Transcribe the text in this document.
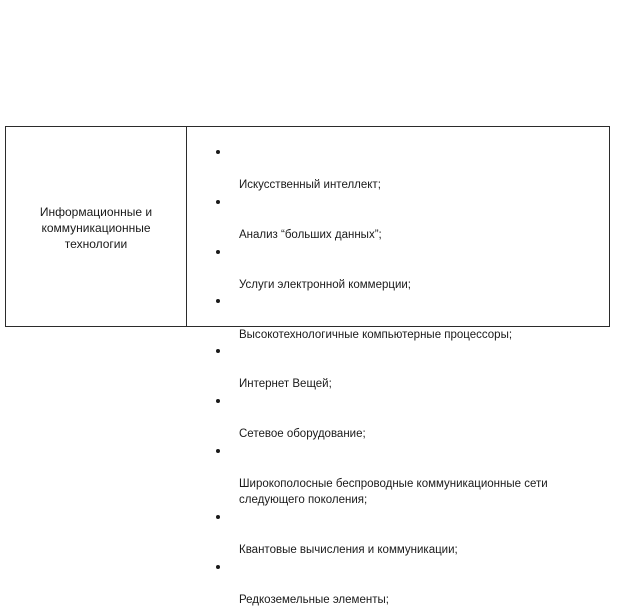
Информационные и
коммуникационные
технологии

Искусственный интеллект;

Анализ “больших данных”;

Услуги электронной коммерции;

Высокотехнологичные компьютерные процессоры;

Интернет Вещей;

Сетевое оборудование;

Широкополосные беспроводные коммуникационные сети
следующего поколения;

Квантовые вычисления и коммуникации;

Редкоземельные элементы;
